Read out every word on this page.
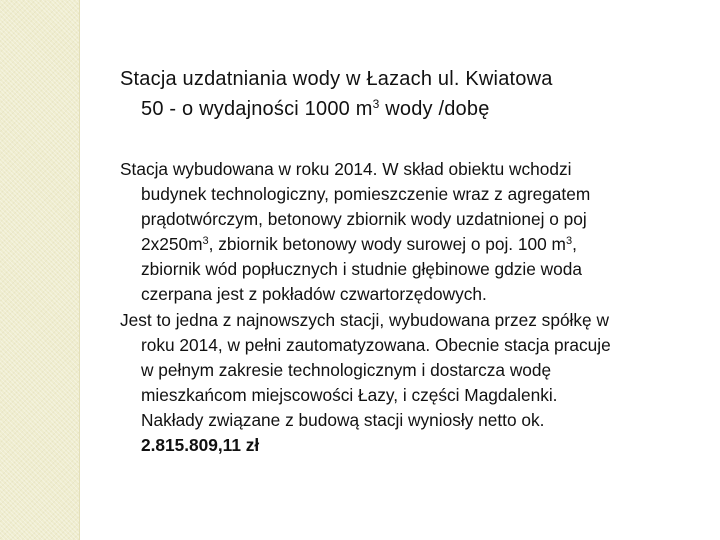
Stacja uzdatniania wody w Łazach ul. Kwiatowa
50 - o wydajności 1000 $m^3$ wody /dobę

Stacja wybudowana w roku 2014. W skład obiektu wchodzi
budynek technologiczny, pomieszczenie wraz z agregatem
prądotwórczym, betonowy zbiornik wody uzdatnionej o poj
$2x250m^3$, zbiornik betonowy wody surowej o poj. 100 $m^3$,
zbiornik wód popłucznych i studnie głębinowe gdzie woda
czerpana jest z pokładów czwartorzędowych.

Jest to jedna z najnowszych stacji, wybudowana przez spółkę w
roku 2014, w pełni zautomatyzowana. Obecnie stacja pracuje
w pełnym zakresie technologicznym i dostarcza wodę
mieszkańcom miejscowości Łazy, i części Magdalenki.
Nakłady związane z budową stacji wyniosły netto ok.
2.815.809,11 zł
